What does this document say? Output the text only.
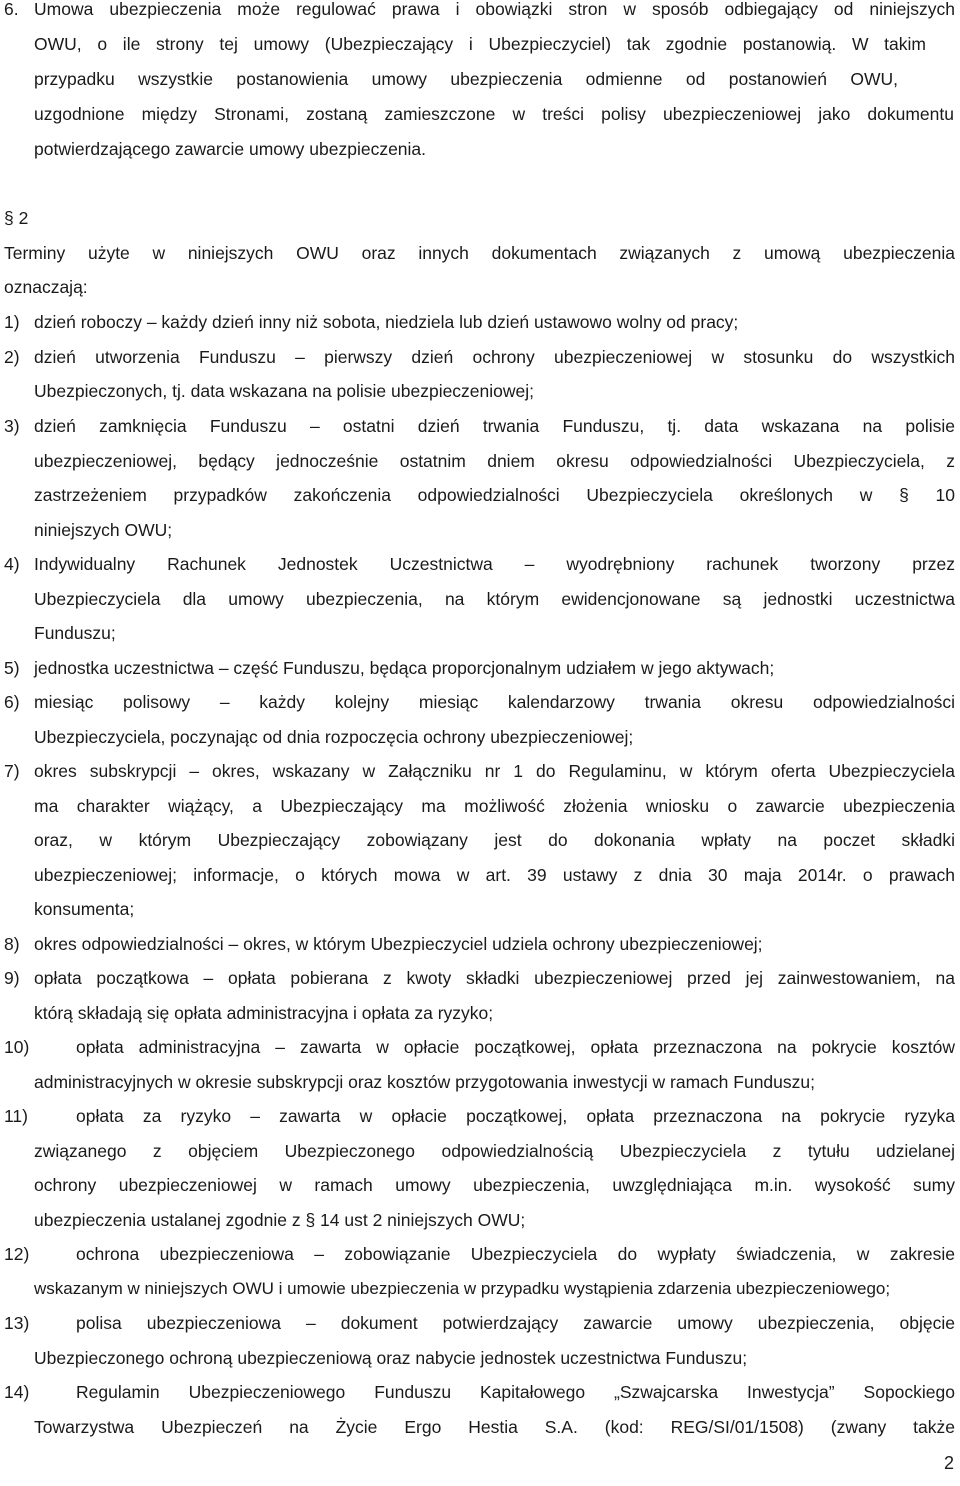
6. Umowa ubezpieczenia może regulować prawa i obowiązki stron w sposób odbiegający od niniejszych
OWU, o ile strony tej umowy (Ubezpieczający i Ubezpieczyciel) tak zgodnie postanowią. W takim
przypadku wszystkie postanowienia umowy ubezpieczenia odmienne od postanowień OWU,
uzgodnione między Stronami, zostaną zamieszczone w treści polisy ubezpieczeniowej jako dokumentu
potwierdzającego zawarcie umowy ubezpieczenia.
§ 2
Terminy użyte w niniejszych OWU oraz innych dokumentach związanych z umową ubezpieczenia
oznaczają:
1) dzień roboczy – każdy dzień inny niż sobota, niedziela lub dzień ustawowo wolny od pracy;
2) dzień utworzenia Funduszu – pierwszy dzień ochrony ubezpieczeniowej w stosunku do wszystkich
Ubezpieczonych, tj. data wskazana na polisie ubezpieczeniowej;
3) dzień zamknięcia Funduszu – ostatni dzień trwania Funduszu, tj. data wskazana na polisie
ubezpieczeniowej, będący jednocześnie ostatnim dniem okresu odpowiedzialności Ubezpieczyciela, z
zastrzeżeniem przypadków zakończenia odpowiedzialności Ubezpieczyciela określonych w § 10
niniejszych OWU;
4) Indywidualny Rachunek Jednostek Uczestnictwa – wyodrębniony rachunek tworzony przez
Ubezpieczyciela dla umowy ubezpieczenia, na którym ewidencjonowane są jednostki uczestnictwa
Funduszu;
5) jednostka uczestnictwa – część Funduszu, będąca proporcjonalnym udziałem w jego aktywach;
6) miesiąc polisowy – każdy kolejny miesiąc kalendarzowy trwania okresu odpowiedzialności
Ubezpieczyciela, poczynając od dnia rozpoczęcia ochrony ubezpieczeniowej;
7) okres subskrypcji – okres, wskazany w Załączniku nr 1 do Regulaminu, w którym oferta Ubezpieczyciela
ma charakter wiążący, a Ubezpieczający ma możliwość złożenia wniosku o zawarcie ubezpieczenia
oraz, w którym Ubezpieczający zobowiązany jest do dokonania wpłaty na poczet składki
ubezpieczeniowej; informacje, o których mowa w art. 39 ustawy z dnia 30 maja 2014r. o prawach
konsumenta;
8) okres odpowiedzialności – okres, w którym Ubezpieczyciel udziela ochrony ubezpieczeniowej;
9) opłata początkowa – opłata pobierana z kwoty składki ubezpieczeniowej przed jej zainwestowaniem, na
którą składają się opłata administracyjna i opłata za ryzyko;
10)	opłata administracyjna – zawarta w opłacie początkowej, opłata przeznaczona na pokrycie kosztów
administracyjnych w okresie subskrypcji oraz kosztów przygotowania inwestycji w ramach Funduszu;
11)	opłata za ryzyko – zawarta w opłacie początkowej, opłata przeznaczona na pokrycie ryzyka
związanego z objęciem Ubezpieczonego odpowiedzialnością Ubezpieczyciela z tytułu udzielanej
ochrony ubezpieczeniowej w ramach umowy ubezpieczenia, uwzględniająca m.in. wysokość sumy
ubezpieczenia ustalanej zgodnie z § 14 ust 2 niniejszych OWU;
12)	ochrona ubezpieczeniowa – zobowiązanie Ubezpieczyciela do wypłaty świadczenia, w zakresie
wskazanym w niniejszych OWU i umowie ubezpieczenia w przypadku wystąpienia zdarzenia ubezpieczeniowego;
13)	polisa ubezpieczeniowa – dokument potwierdzający zawarcie umowy ubezpieczenia, objęcie
Ubezpieczonego ochroną ubezpieczeniową oraz nabycie jednostek uczestnictwa Funduszu;
14)	Regulamin Ubezpieczeniowego Funduszu Kapitałowego „Szwajcarska Inwestycja” Sopockiego
Towarzystwa Ubezpieczeń na Życie Ergo Hestia S.A. (kod: REG/SI/01/1508) (zwany także
2
